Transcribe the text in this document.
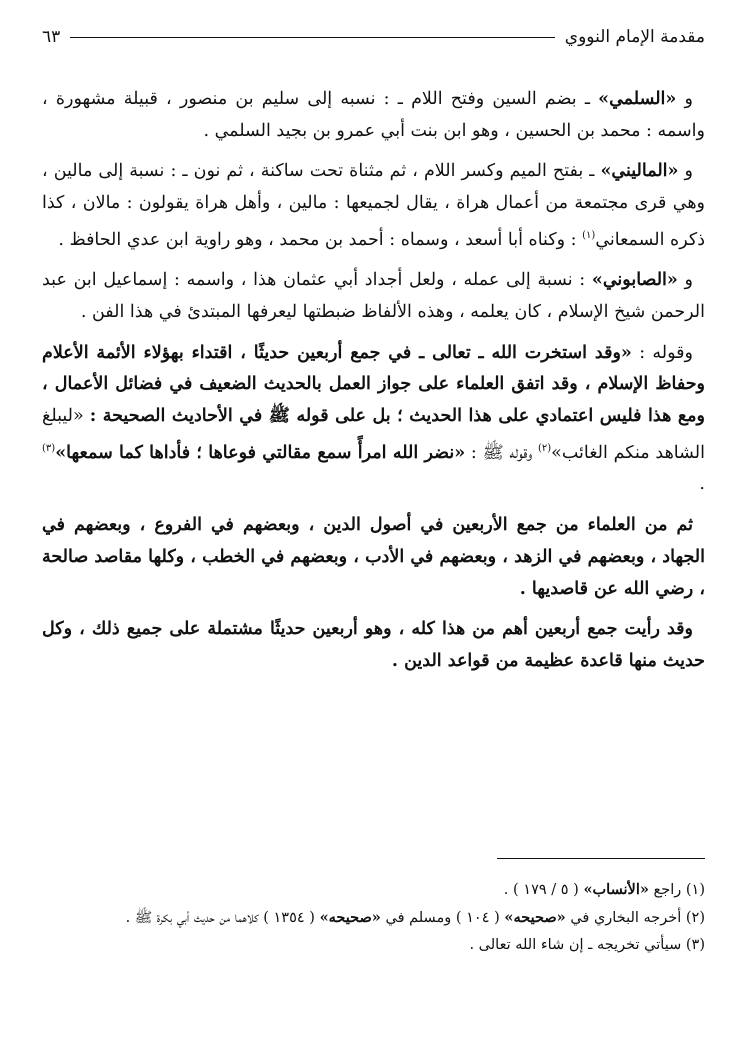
مقدمة الإمام النووي
٦٣

و «السلمي» ـ بضم السين وفتح اللام ـ : نسبه إلى سليم بن منصور ، قبيلة مشهورة ، واسمه : محمد بن الحسين ، وهو ابن بنت أبي عمرو بن بجيد السلمي .

و «الماليني» ـ بفتح الميم وكسر اللام ، ثم مثناة تحت ساكنة ، ثم نون ـ : نسبة إلى مالين ، وهي قرى مجتمعة من أعمال هراة ، يقال لجميعها : مالين ، وأهل هراة يقولون : مالان ، كذا ذكره السمعاني$^{(١)}$ : وكناه أبا أسعد ، وسماه : أحمد بن محمد ، وهو راوية ابن عدي الحافظ .

و «الصابوني» : نسبة إلى عمله ، ولعل أجداد أبي عثمان هذا ، واسمه : إسماعيل ابن عبد الرحمن شيخ الإسلام ، كان يعلمه ، وهذه الألفاظ ضبطتها ليعرفها المبتدئ في هذا الفن .

وقوله : «وقد استخرت الله ـ تعالى ـ في جمع أربعين حديثًا ، اقتداء بهؤلاء الأئمة الأعلام وحفاظ الإسلام ، وقد اتفق العلماء على جواز العمل بالحديث الضعيف في فضائل الأعمال ، ومع هذا فليس اعتمادي على هذا الحديث ؛ بل على قوله ﷺ في الأحاديث الصحيحة : «ليبلغ الشاهد منكم الغائب»$^{(٢)}$ وقوله ﷺ : «نضر الله امرأً سمع مقالتي فوعاها ؛ فأداها كما سمعها»$^{(٣)}$ .

ثم من العلماء من جمع الأربعين في أصول الدين ، وبعضهم في الفروع ، وبعضهم في الجهاد ، وبعضهم في الزهد ، وبعضهم في الأدب ، وبعضهم في الخطب ، وكلها مقاصد صالحة ، رضي الله عن قاصديها .

وقد رأيت جمع أربعين أهم من هذا كله ، وهو أربعين حديثًا مشتملة على جميع ذلك ، وكل حديث منها قاعدة عظيمة من قواعد الدين .

(١) راجع «الأنساب» ( ٥ / ١٧٩ ) .
(٢) أخرجه البخاري في «صحيحه» ( ١٠٤ ) ومسلم في «صحيحه» ( ١٣٥٤ ) كلاهما من حديث أبي بكرة ﷺ .
(٣) سيأتي تخريجه ـ إن شاء الله تعالى .
